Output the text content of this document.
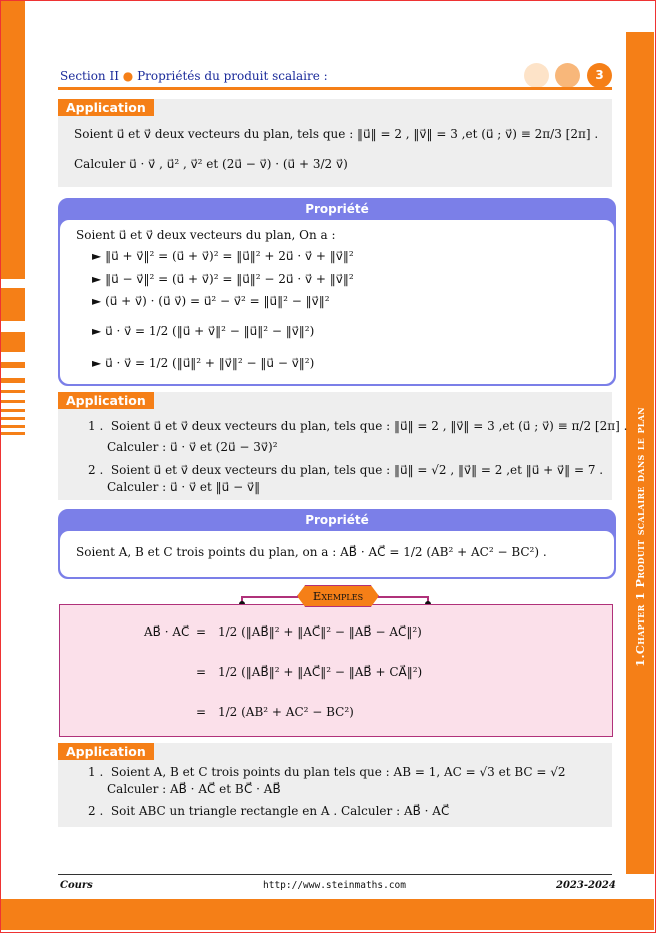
1.Chapter 1 Produit scalaire dans le plan
Section II ● Propriétés du produit scalaire :	3
Application
Soient u⃗ et v⃗ deux vecteurs du plan, tels que : ‖u⃗‖ = 2 , ‖v⃗‖ = 3 ,et (u⃗ ; v⃗) ≡ 2π/3 [2π] .
Calculer u⃗ · v⃗ , u⃗² , v⃗² et (2u⃗ − v⃗) · (u⃗ + 3/2 v⃗)
Propriété
Soient u⃗ et v⃗ deux vecteurs du plan, On a :
► ‖u⃗ + v⃗‖² = (u⃗ + v⃗)² = ‖u⃗‖² + 2u⃗ · v⃗ + ‖v⃗‖²
► ‖u⃗ − v⃗‖² = (u⃗ + v⃗)² = ‖u⃗‖² − 2u⃗ · v⃗ + ‖v⃗‖²
► (u⃗ + v⃗) · (u⃗ v⃗) = u⃗² − v⃗² = ‖u⃗‖² − ‖v⃗‖²
► u⃗ · v⃗ = 1/2 (‖u⃗ + v⃗‖² − ‖u⃗‖² − ‖v⃗‖²)
► u⃗ · v⃗ = 1/2 (‖u⃗‖² + ‖v⃗‖² − ‖u⃗ − v⃗‖²)
Application
1 . Soient u⃗ et v⃗ deux vecteurs du plan, tels que : ‖u⃗‖ = 2 , ‖v⃗‖ = 3 ,et (u⃗ ; v⃗) ≡ π/2 [2π] .
Calculer : u⃗ · v⃗ et (2u⃗ − 3v⃗)²
2 . Soient u⃗ et v⃗ deux vecteurs du plan, tels que : ‖u⃗‖ = √2 , ‖v⃗‖ = 2 ,et ‖u⃗ + v⃗‖ = 7 .
Calculer : u⃗ · v⃗ et ‖u⃗ − v⃗‖
Propriété
Soient A, B et C trois points du plan, on a : AB⃗ · AC⃗ = 1/2 (AB² + AC² − BC²) .
AB⃗ · AC⃗ = 1/2 (‖AB⃗‖² + ‖AC⃗‖² − ‖AB⃗ − AC⃗‖²)
= 1/2 (‖AB⃗‖² + ‖AC⃗‖² − ‖AB⃗ + CA⃗‖²)
= 1/2 (AB² + AC² − BC²)
Exemples
Application
1 . Soient A, B et C trois points du plan tels que : AB = 1, AC = √3 et BC = √2
Calculer : AB⃗ · AC⃗ et BC⃗ · AB⃗
2 . Soit ABC un triangle rectangle en A . Calculer : AB⃗ · AC⃗
Cours	http://www.steinmaths.com	2023-2024
